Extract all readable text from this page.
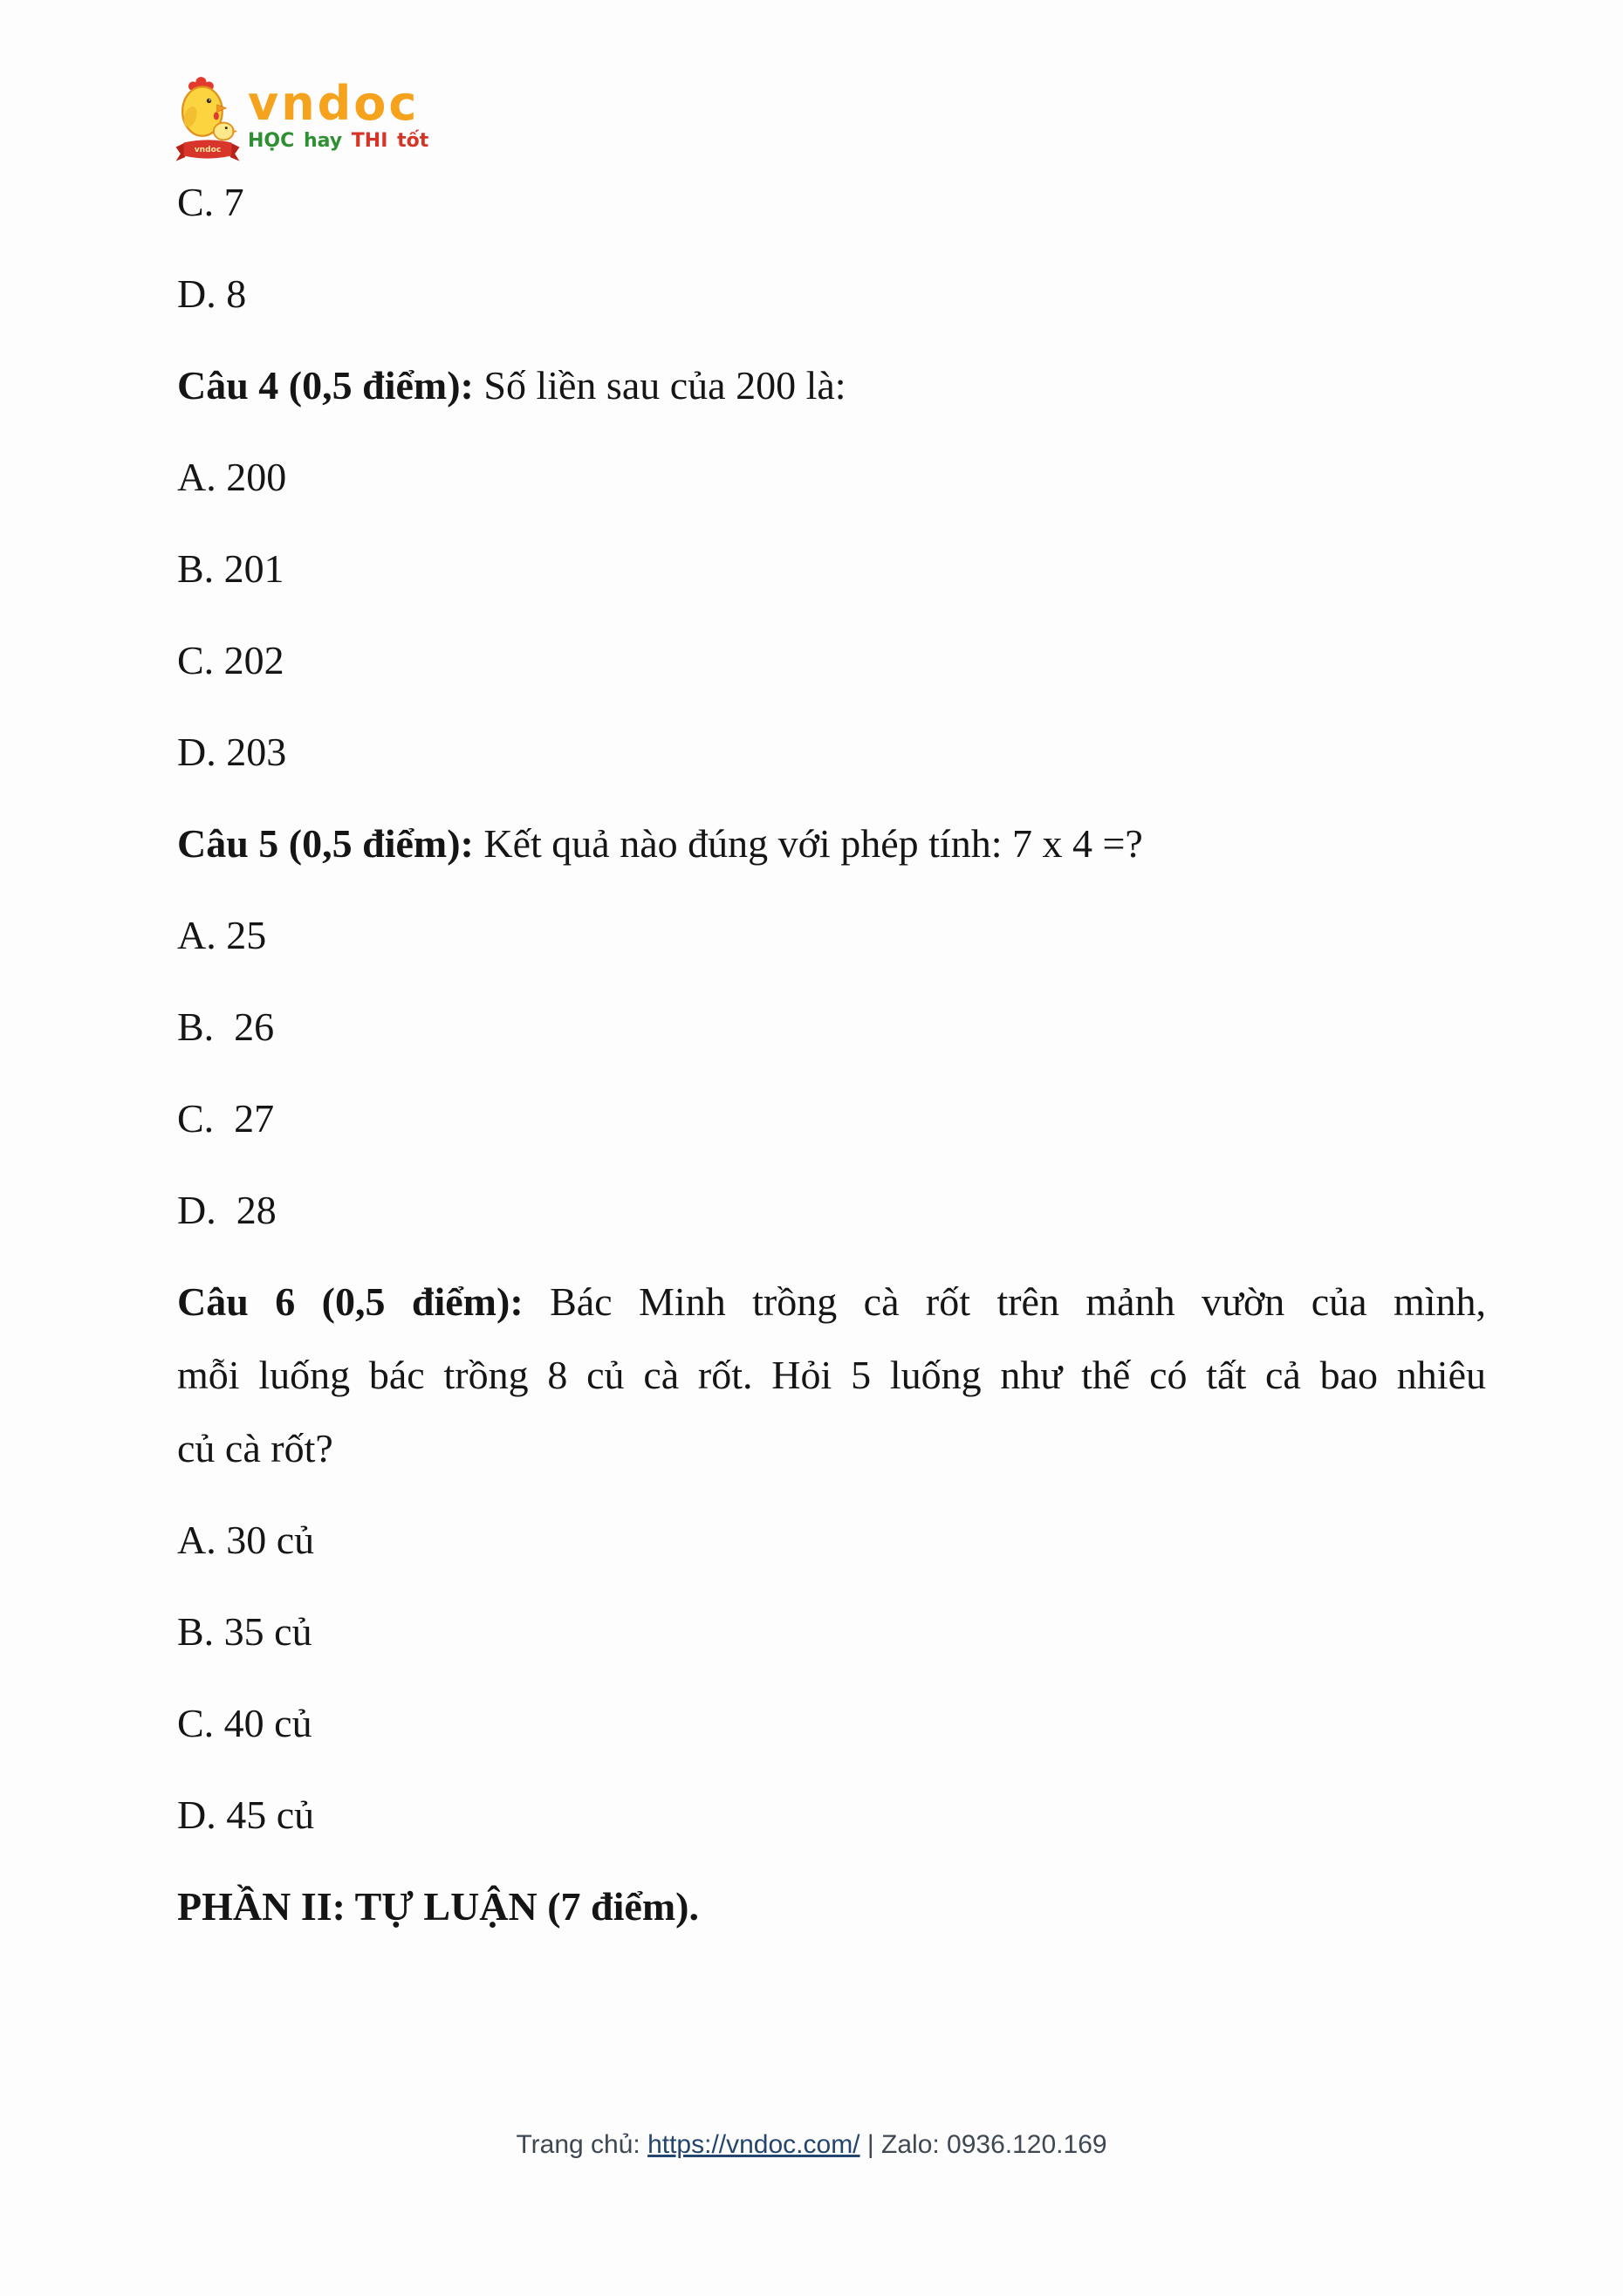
vndoc
vndoc
HỌC hay THI tốt

C. 7

D. 8

Câu 4 (0,5 điểm): Số liền sau của 200 là:

A. 200

B. 201

C. 202

D. 203

Câu 5 (0,5 điểm): Kết quả nào đúng với phép tính: 7 x 4 =?

A. 25

B.  26

C.  27

D.  28

Câu 6 (0,5 điểm): Bác Minh trồng cà rốt trên mảnh vườn của mình,
mỗi luống bác trồng 8 củ cà rốt. Hỏi 5 luống như thế có tất cả bao nhiêu
củ cà rốt?

A. 30 củ

B. 35 củ

C. 40 củ

D. 45 củ

PHẦN II: TỰ LUẬN (7 điểm).

Trang chủ: https://vndoc.com/ | Zalo: 0936.120.169
